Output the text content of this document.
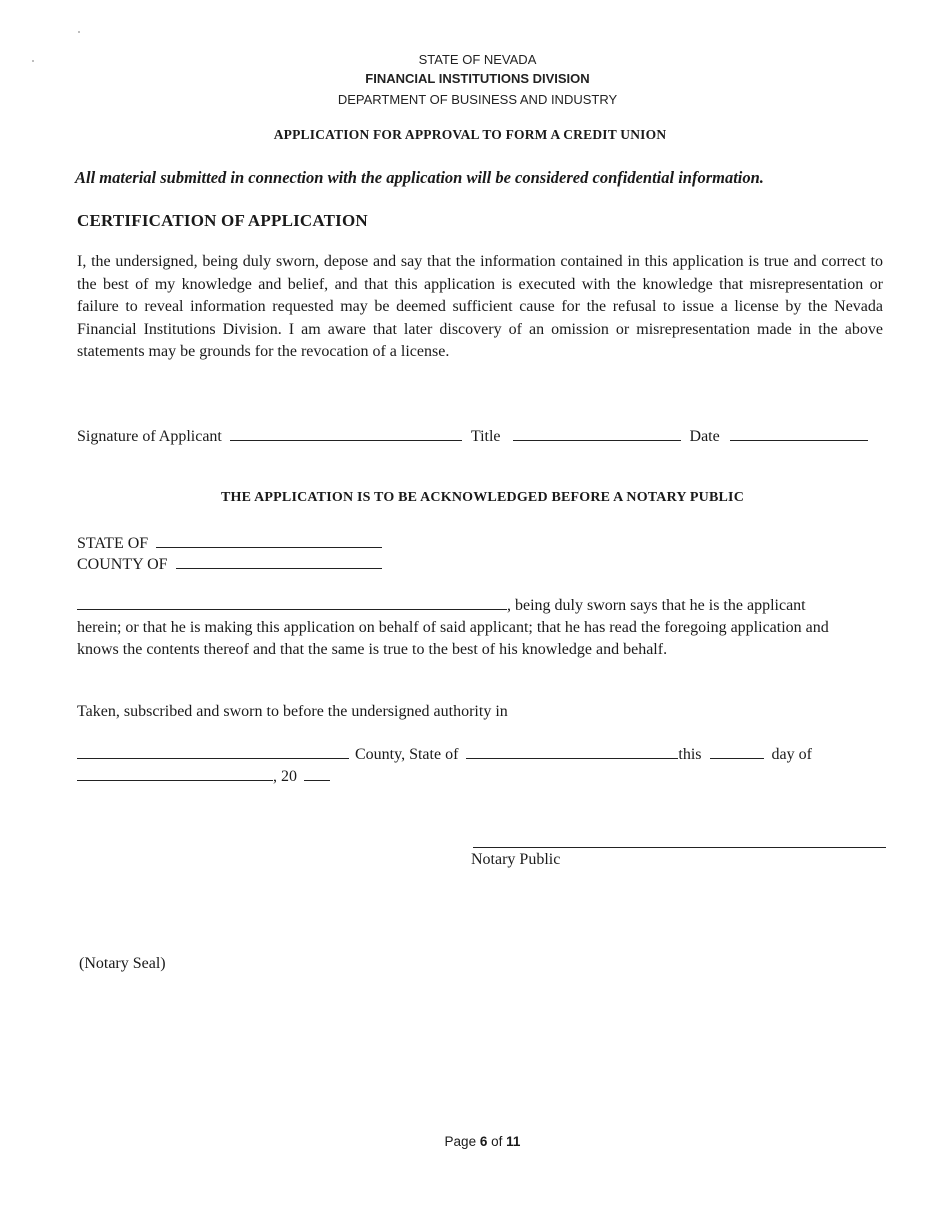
STATE OF NEVADA
FINANCIAL INSTITUTIONS DIVISION
DEPARTMENT OF BUSINESS AND INDUSTRY
APPLICATION FOR APPROVAL TO FORM A CREDIT UNION
All material submitted in connection with the application will be considered confidential information.
CERTIFICATION OF APPLICATION
I, the undersigned, being duly sworn, depose and say that the information contained in this application is true and correct to the best of my knowledge and belief, and that this application is executed with the knowledge that misrepresentation or failure to reveal information requested may be deemed sufficient cause for the refusal to issue a license by the Nevada Financial Institutions Division. I am aware that later discovery of an omission or misrepresentation made in the above statements may be grounds for the revocation of a license.
Signature of Applicant	Title	Date
THE APPLICATION IS TO BE ACKNOWLEDGED BEFORE A NOTARY PUBLIC
STATE OF
COUNTY OF
, being duly sworn says that he is the applicant
herein; or that he is making this application on behalf of said applicant; that he has read the foregoing application and knows the contents thereof and that the same is true to the best of his knowledge and behalf.
Taken, subscribed and sworn to before the undersigned authority in
County, State of	this	day of
, 20
Notary Public
(Notary Seal)
Page 6 of 11
